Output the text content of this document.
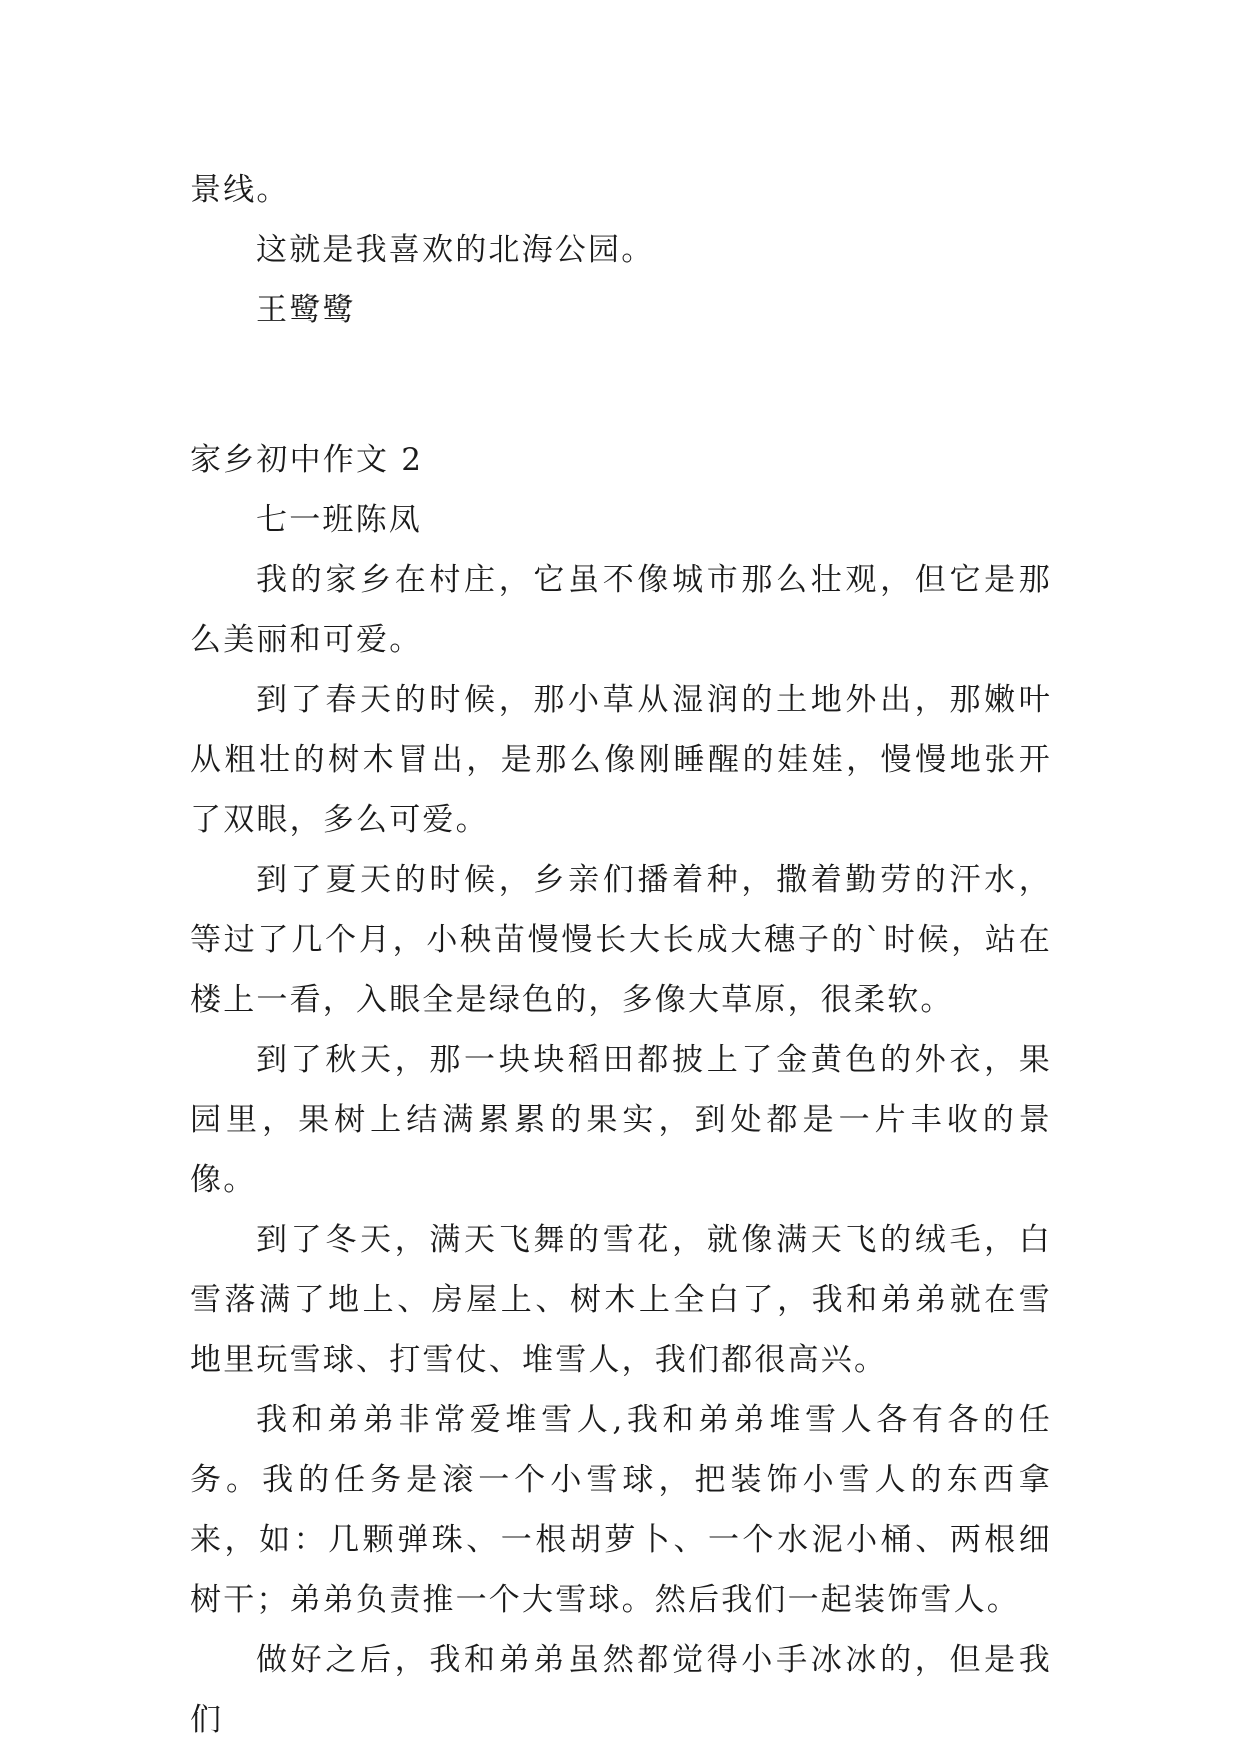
景线。

这就是我喜欢的北海公园。

王鹭鹭

家乡初中作文 2

七一班陈凤

我的家乡在村庄，它虽不像城市那么壮观，但它是那么美丽和可爱。

到了春天的时候，那小草从湿润的土地外出，那嫩叶从粗壮的树木冒出，是那么像刚睡醒的娃娃，慢慢地张开了双眼，多么可爱。

到了夏天的时候，乡亲们播着种，撒着勤劳的汗水，等过了几个月，小秧苗慢慢长大长成大穗子的`时候，站在楼上一看，入眼全是绿色的，多像大草原，很柔软。

到了秋天，那一块块稻田都披上了金黄色的外衣，果园里，果树上结满累累的果实，到处都是一片丰收的景像。

到了冬天，满天飞舞的雪花，就像满天飞的绒毛，白雪落满了地上、房屋上、树木上全白了，我和弟弟就在雪地里玩雪球、打雪仗、堆雪人，我们都很高兴。

我和弟弟非常爱堆雪人,我和弟弟堆雪人各有各的任务。我的任务是滚一个小雪球，把装饰小雪人的东西拿来，如：几颗弹珠、一根胡萝卜、一个水泥小桶、两根细树干；弟弟负责推一个大雪球。然后我们一起装饰雪人。

做好之后，我和弟弟虽然都觉得小手冰冰的，但是我们
